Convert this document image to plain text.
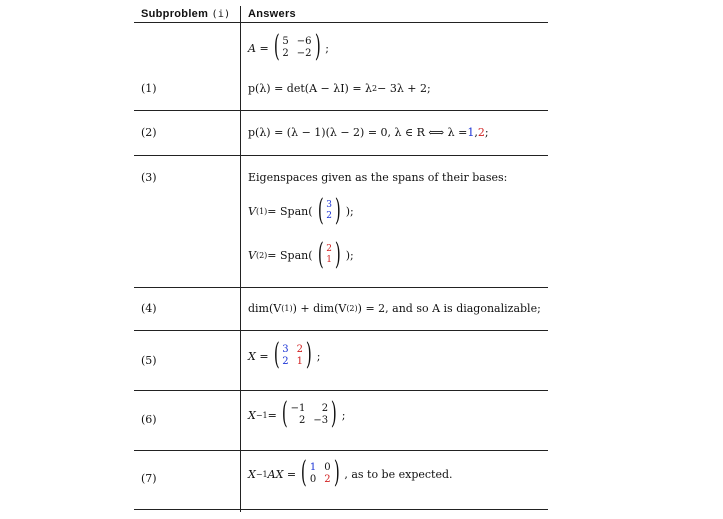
Subproblem (i) Answers
(1)
A = ( 5 −6
2 −2 ) ;
p(λ) = det(A − λI) = λ 2 − 3λ + 2;
(2)	p(λ) = (λ − 1)(λ − 2) = 0, λ ∈ R ⟺ λ = 1 , 2 ;
(3)	Eigenspaces given as the spans of their bases:
V (1) = Span( ( 3
2 ) );
V (2) = Span( ( 2
1 ) );
(4)	dim(V (1) ) + dim(V (2) ) = 2, and so A is diagonalizable;
(5)	X = ( 3 2
2 1 ) ;
(6)	X −1 = ( −1 2
2 −3 ) ;
(7)	X −1 AX = ( 1 0
0 2 ) , as to be expected.
